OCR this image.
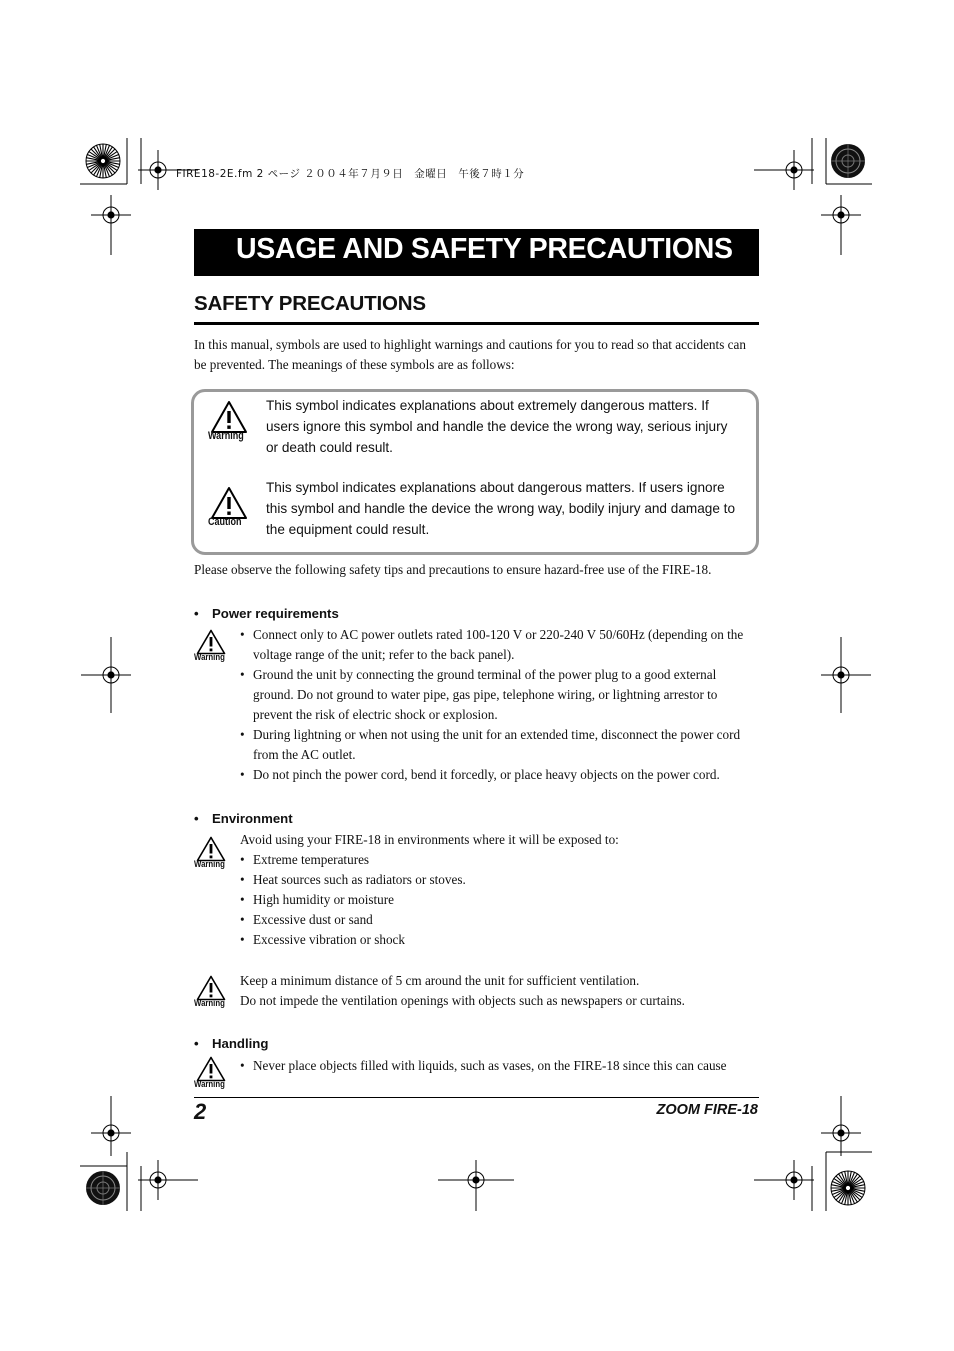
FIRE18-2E.fm 2 ページ ２００４年７月９日　金曜日　午後７時１分
USAGE AND SAFETY PRECAUTIONS
SAFETY PRECAUTIONS
In this manual, symbols are used to highlight warnings and cautions for you to read so that accidents can be prevented. The meanings of these symbols are as follows:
Warning
This symbol indicates explanations about extremely dangerous matters. If users ignore this symbol and handle the device the wrong way, serious injury or death could result.
Caution
This symbol indicates explanations about dangerous matters. If users ignore this symbol and handle the device the wrong way, bodily injury and damage to the equipment could result.
Please observe the following safety tips and precautions to ensure hazard-free use of the FIRE-18.
• Power requirements
Warning
• Connect only to AC power outlets rated 100-120 V or 220-240 V 50/60Hz (depending on the voltage range of the unit; refer to the back panel).
• Ground the unit by connecting the ground terminal of the power plug to a good external ground. Do not ground to water pipe, gas pipe, telephone wiring, or lightning arrestor to prevent the risk of electric shock or explosion.
• During lightning or when not using the unit for an extended time, disconnect the power cord from the AC outlet.
• Do not pinch the power cord, bend it forcedly, or place heavy objects on the power cord.
• Environment
Warning
Avoid using your FIRE-18 in environments where it will be exposed to:
• Extreme temperatures
• Heat sources such as radiators or stoves.
• High humidity or moisture
• Excessive dust or sand
• Excessive vibration or shock
Warning
Keep a minimum distance of 5 cm around the unit for sufficient ventilation.
Do not impede the ventilation openings with objects such as newspapers or curtains.
• Handling
Warning
• Never place objects filled with liquids, such as vases, on the FIRE-18 since this can cause
2	ZOOM FIRE-18
